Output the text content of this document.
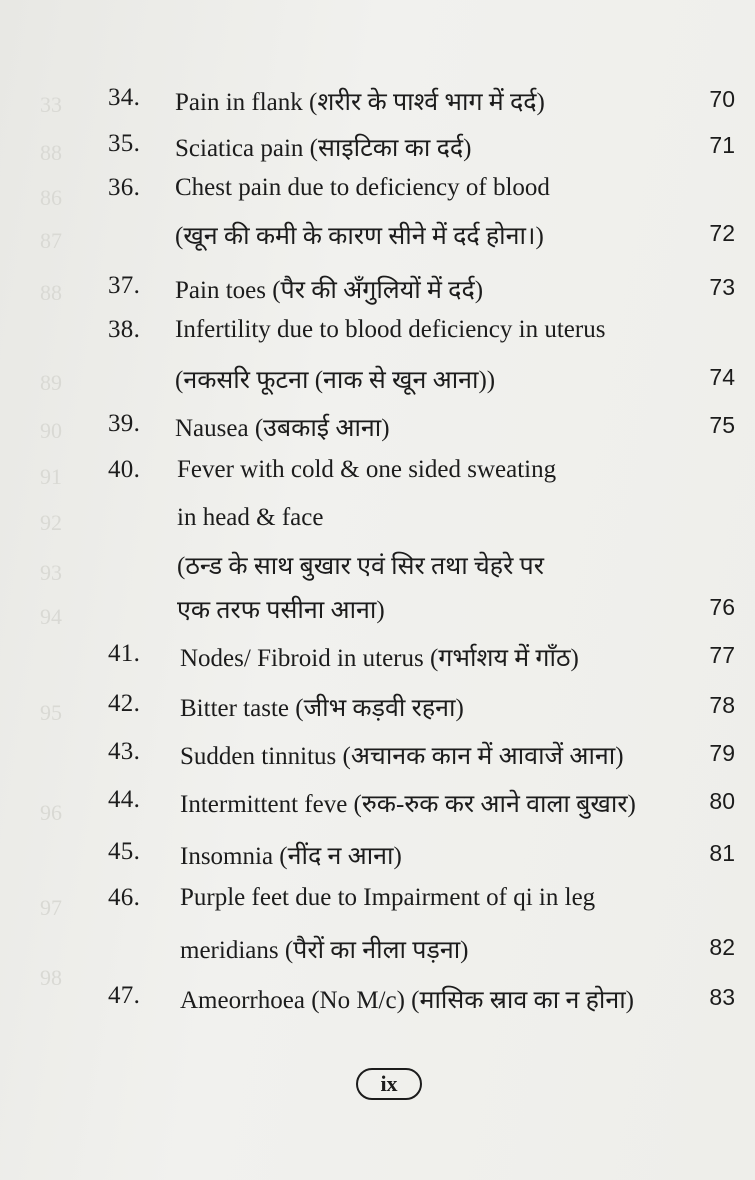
33
88
86
87
88
89
90
91
92
93
94
95
96
97
98
34. Pain in flank (शरीर के पार्श्व भाग में दर्द)	70
35. Sciatica pain (साइटिका का दर्द)	71
36. Chest pain due to deficiency of blood
(खून की कमी के कारण सीने में दर्द होना।)	72
37. Pain toes (पैर की अँगुलियों में दर्द)	73
38. Infertility due to blood deficiency in uterus
(नकसरि फूटना (नाक से खून आना))	74
39. Nausea (उबकाई आना)	75
40. Fever with cold & one sided sweating
in head & face
(ठन्ड के साथ बुखार एवं सिर तथा चेहरे पर
एक तरफ पसीना आना)	76
41. Nodes/ Fibroid in uterus (गर्भाशय में गाँठ)	77
42. Bitter taste (जीभ कड़वी रहना)	78
43. Sudden tinnitus (अचानक कान में आवाजें आना)	79
44. Intermittent feve (रुक-रुक कर आने वाला बुखार)	80
45. Insomnia (नींद न आना)	81
46. Purple feet due to Impairment of qi in leg
meridians (पैरों का नीला पड़ना)	82
47. Ameorrhoea (No M/c) (मासिक स्राव का न होना)	83
ix
